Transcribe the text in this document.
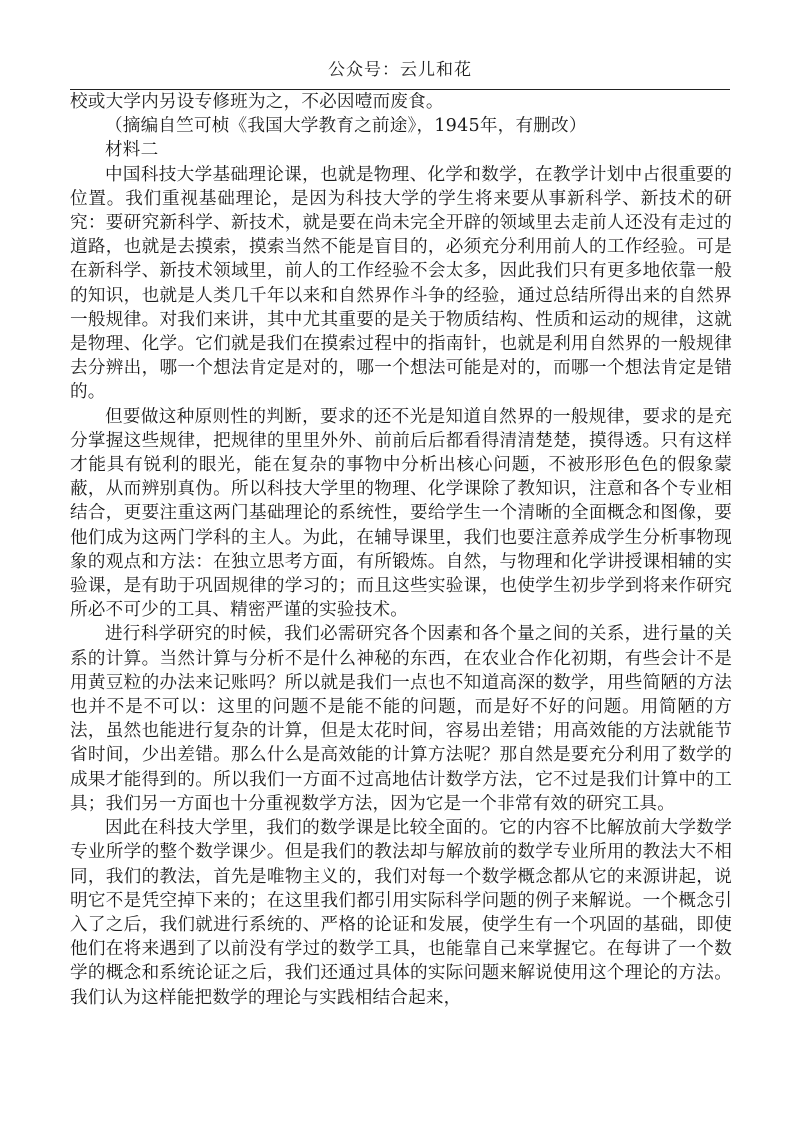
公众号：云儿和花

校或大学内另设专修班为之，不必因噎而废食。

（摘编自竺可桢《我国大学教育之前途》，1945年，有删改）

材料二

中国科技大学基础理论课，也就是物理、化学和数学，在教学计划中占很重要的位置。我们重视基础理论，是因为科技大学的学生将来要从事新科学、新技术的研究：要研究新科学、新技术，就是要在尚未完全开辟的领域里去走前人还没有走过的道路，也就是去摸索，摸索当然不能是盲目的，必须充分利用前人的工作经验。可是在新科学、新技术领域里，前人的工作经验不会太多，因此我们只有更多地依靠一般的知识，也就是人类几千年以来和自然界作斗争的经验，通过总结所得出来的自然界一般规律。对我们来讲，其中尤其重要的是关于物质结构、性质和运动的规律，这就是物理、化学。它们就是我们在摸索过程中的指南针，也就是利用自然界的一般规律去分辨出，哪一个想法肯定是对的，哪一个想法可能是对的，而哪一个想法肯定是错的。

但要做这种原则性的判断，要求的还不光是知道自然界的一般规律，要求的是充分掌握这些规律，把规律的里里外外、前前后后都看得清清楚楚，摸得透。只有这样才能具有锐利的眼光，能在复杂的事物中分析出核心问题，不被形形色色的假象蒙蔽，从而辨别真伪。所以科技大学里的物理、化学课除了教知识，注意和各个专业相结合，更要注重这两门基础理论的系统性，要给学生一个清晰的全面概念和图像，要他们成为这两门学科的主人。为此，在辅导课里，我们也要注意养成学生分析事物现象的观点和方法：在独立思考方面，有所锻炼。自然，与物理和化学讲授课相辅的实验课，是有助于巩固规律的学习的；而且这些实验课，也使学生初步学到将来作研究所必不可少的工具、精密严谨的实验技术。

进行科学研究的时候，我们必需研究各个因素和各个量之间的关系，进行量的关系的计算。当然计算与分析不是什么神秘的东西，在农业合作化初期，有些会计不是用黄豆粒的办法来记账吗？所以就是我们一点也不知道高深的数学，用些简陋的方法也并不是不可以：这里的问题不是能不能的问题，而是好不好的问题。用简陋的方法，虽然也能进行复杂的计算，但是太花时间，容易出差错；用高效能的方法就能节省时间，少出差错。那么什么是高效能的计算方法呢？那自然是要充分利用了数学的成果才能得到的。所以我们一方面不过高地估计数学方法，它不过是我们计算中的工具；我们另一方面也十分重视数学方法，因为它是一个非常有效的研究工具。

因此在科技大学里，我们的数学课是比较全面的。它的内容不比解放前大学数学专业所学的整个数学课少。但是我们的教法却与解放前的数学专业所用的教法大不相同，我们的教法，首先是唯物主义的，我们对每一个数学概念都从它的来源讲起，说明它不是凭空掉下来的；在这里我们都引用实际科学问题的例子来解说。一个概念引入了之后，我们就进行系统的、严格的论证和发展，使学生有一个巩固的基础，即使他们在将来遇到了以前没有学过的数学工具，也能靠自己来掌握它。在每讲了一个数学的概念和系统论证之后，我们还通过具体的实际问题来解说使用这个理论的方法。我们认为这样能把数学的理论与实践相结合起来，
